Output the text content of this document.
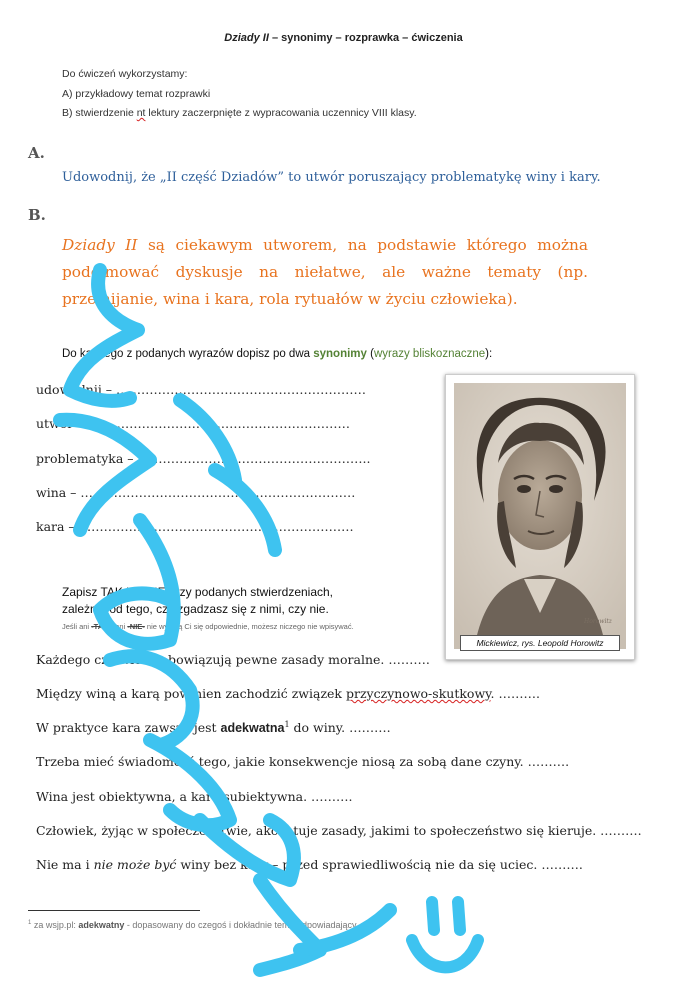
Dziady II – synonimy – rozprawka – ćwiczenia
Do ćwiczeń wykorzystamy:
A) przykładowy temat rozprawki
B) stwierdzenie nt lektury zaczerpnięte z wypracowania uczennicy VIII klasy.
A.
Udowodnij, że „II część Dziadów” to utwór poruszający problematykę winy i kary.
B.
Dziady II są ciekawym utworem, na podstawie którego można podejmować dyskusje na niełatwe, ale ważne tematy (np. przemijanie, wina i kara, rola rytuałów w życiu człowieka).
Do każdego z podanych wyrazów dopisz po dwa synonimy (wyrazy bliskoznaczne):
udowodnij – ……………………………………………………
utwór – ………………………………………………………
problematyka – ………………………………………………..
wina – …………………………………………………………
kara – …………………………………………………………
Horowitz
Mickiewicz, rys. Leopold Horowitz
Zapisz TAK lub NIE przy podanych stwierdzeniach,
zależnie od tego, czy zgadzasz się z nimi, czy nie.
Jeśli ani -TAK-, ani -NIE- nie wydają Ci się odpowiednie, możesz niczego nie wpisywać.
Każdego człowieka obowiązują pewne zasady moralne. ……….
Między winą a karą powinien zachodzić związek przyczynowo-skutkowy. ……….
W praktyce kara zawsze jest adekwatna$^1$ do winy. ……….
Trzeba mieć świadomość tego, jakie konsekwencje niosą za sobą dane czyny. ……….
Wina jest obiektywna, a kara subiektywna. ……….
Człowiek, żyjąc w społeczeństwie, akceptuje zasady, jakimi to społeczeństwo się kieruje. ……….
Nie ma i nie może być winy bez kary – przed sprawiedliwością nie da się uciec. ……….
$^1$ za wsjp.pl: adekwatny - dopasowany do czegoś i dokładnie temu odpowiadający
